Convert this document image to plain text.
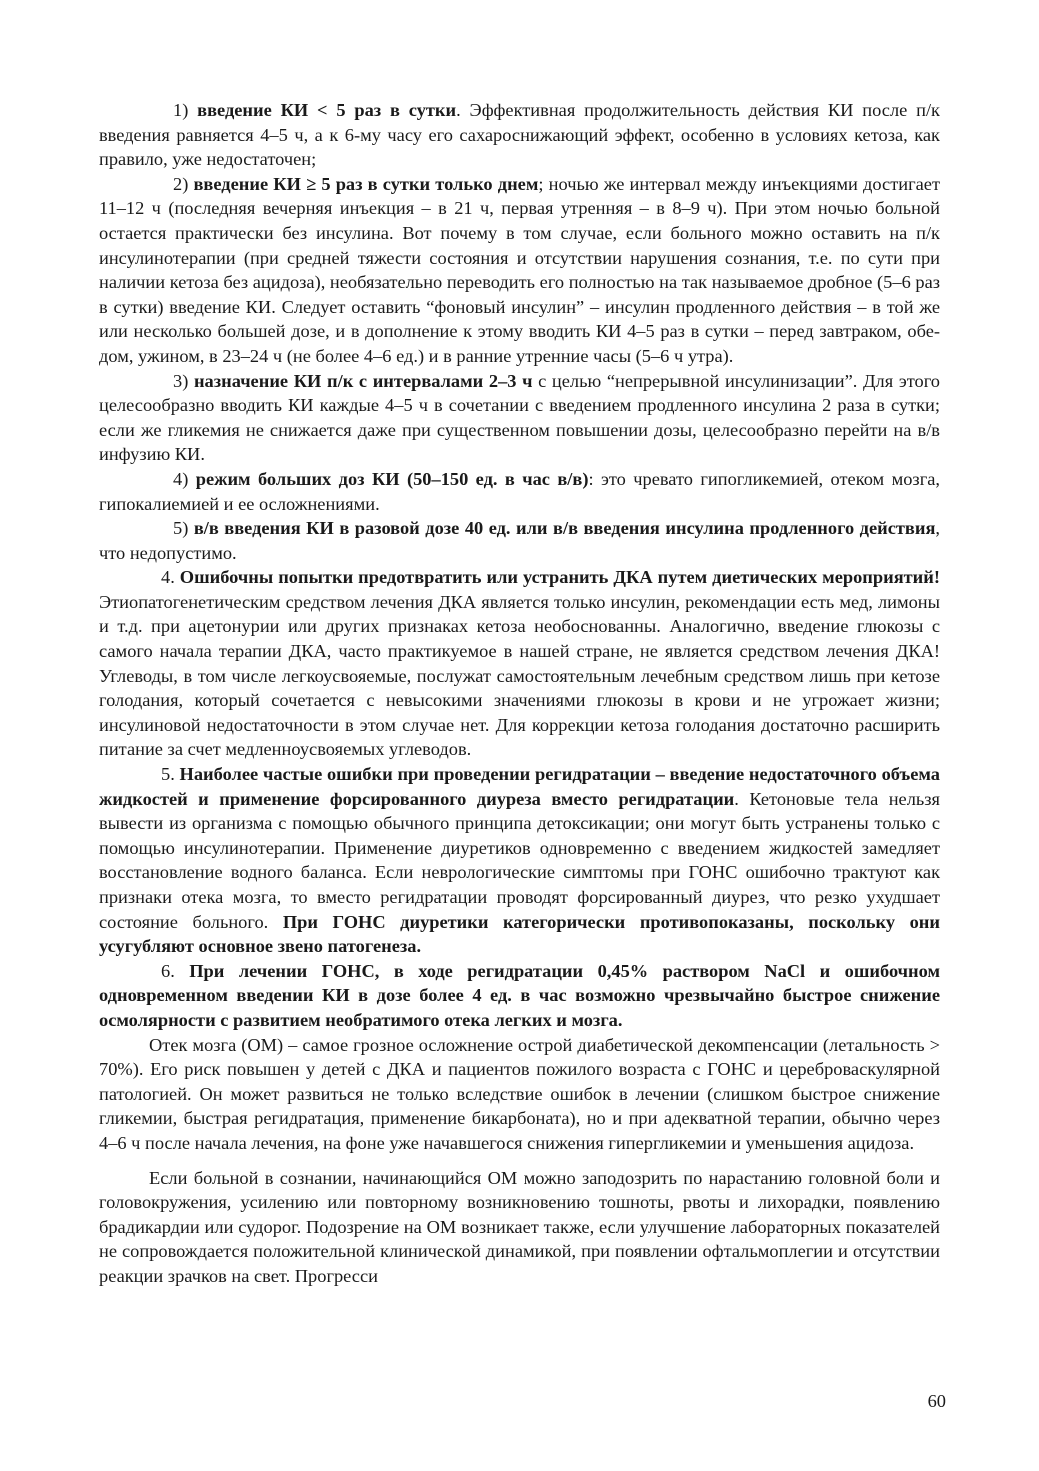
1) введение КИ < 5 раз в сутки. Эффективная продолжительность действия КИ после п/к введения равняется 4–5 ч, а к 6-му часу его сахароснижающий эффект, особенно в условиях кетоза, как правило, уже недостаточен;

2) введение КИ ≥ 5 раз в сутки только днем; ночью же интервал между инъекциями достигает 11–12 ч (последняя вечерняя инъекция – в 21 ч, первая утренняя – в 8–9 ч). При этом ночью больной остается практически без инсулина. Вот почему в том случае, если больного можно оставить на п/к инсулинотерапии (при средней тяжести состояния и отсутствии нарушения сознания, т.е. по сути при наличии кетоза без ацидоза), необязательно переводить его полностью на так называемое дробное (5–6 раз в сутки) введение КИ. Следует оставить “фоновый инсулин” – инсулин продленного действия – в той же или несколько большей дозе, и в дополнение к этому вводить КИ 4–5 раз в сутки – перед завтраком, обедом, ужином, в 23–24 ч (не более 4–6 ед.) и в ранние утренние часы (5–6 ч утра).

3) назначение КИ п/к с интервалами 2–3 ч с целью “непрерывной инсулинизации”. Для этого целесообразно вводить КИ каждые 4–5 ч в сочетании с введением продленного инсулина 2 раза в сутки; если же гликемия не снижается даже при существенном повышении дозы, целесообразно перейти на в/в инфузию КИ.

4) режим больших доз КИ (50–150 ед. в час в/в): это чревато гипогликемией, отеком мозга, гипокалиемией и ее осложнениями.

5) в/в введения КИ в разовой дозе 40 ед. или в/в введения инсулина продленного действия, что недопустимо.

4. Ошибочны попытки предотвратить или устранить ДКА путем диетических мероприятий! Этиопатогенетическим средством лечения ДКА является только инсулин, рекомендации есть мед, лимоны и т.д. при ацетонурии или других признаках кетоза необоснованны. Аналогично, введение глюкозы с самого начала терапии ДКА, часто практикуемое в нашей стране, не является средством лечения ДКА! Углеводы, в том числе легкоусвояемые, послужат самостоятельным лечебным средством лишь при кетозе голодания, который сочетается с невысокими значениями глюкозы в крови и не угрожает жизни; инсулиновой недостаточности в этом случае нет. Для коррекции кетоза голодания достаточно расширить питание за счет медленноусвояемых углеводов.

5. Наиболее частые ошибки при проведении регидратации – введение недостаточного объема жидкостей и применение форсированного диуреза вместо регидратации. Кетоновые тела нельзя вывести из организма с помощью обычного принципа детоксикации; они могут быть устранены только с помощью инсулинотерапии. Применение диуретиков одновременно с введением жидкостей замедляет восстановление водного баланса. Если неврологические симптомы при ГОНС ошибочно трактуют как признаки отека мозга, то вместо регидратации проводят форсированный диурез, что резко ухудшает состояние больного. При ГОНС диуретики категорически противопоказаны, поскольку они усугубляют основное звено патогенеза.

6. При лечении ГОНС, в ходе регидратации 0,45% раствором NaCl и ошибочном одновременном введении КИ в дозе более 4 ед. в час возможно чрезвычайно быстрое снижение осмолярности с развитием необратимого отека легких и мозга.

Отек мозга (ОМ) – самое грозное осложнение острой диабетической декомпенсации (летальность > 70%). Его риск повышен у детей с ДКА и пациентов пожилого возраста с ГОНС и цереброваскулярной патологией. Он может развиться не только вследствие ошибок в лечении (слишком быстрое снижение гликемии, быстрая регидратация, применение бикарбоната), но и при адекватной терапии, обычно через 4–6 ч после начала лечения, на фоне уже начавшегося снижения гипергликемии и уменьшения ацидоза.

Если больной в сознании, начинающийся ОМ можно заподозрить по нарастанию головной боли и головокружения, усилению или повторному возникновению тошноты, рвоты и лихорадки, появлению брадикардии или судорог. Подозрение на ОМ возникает также, если улучшение лабораторных показателей не сопровождается положительной клинической динамикой, при появлении офтальмоплегии и отсутствии реакции зрачков на свет. Прогресси

60
